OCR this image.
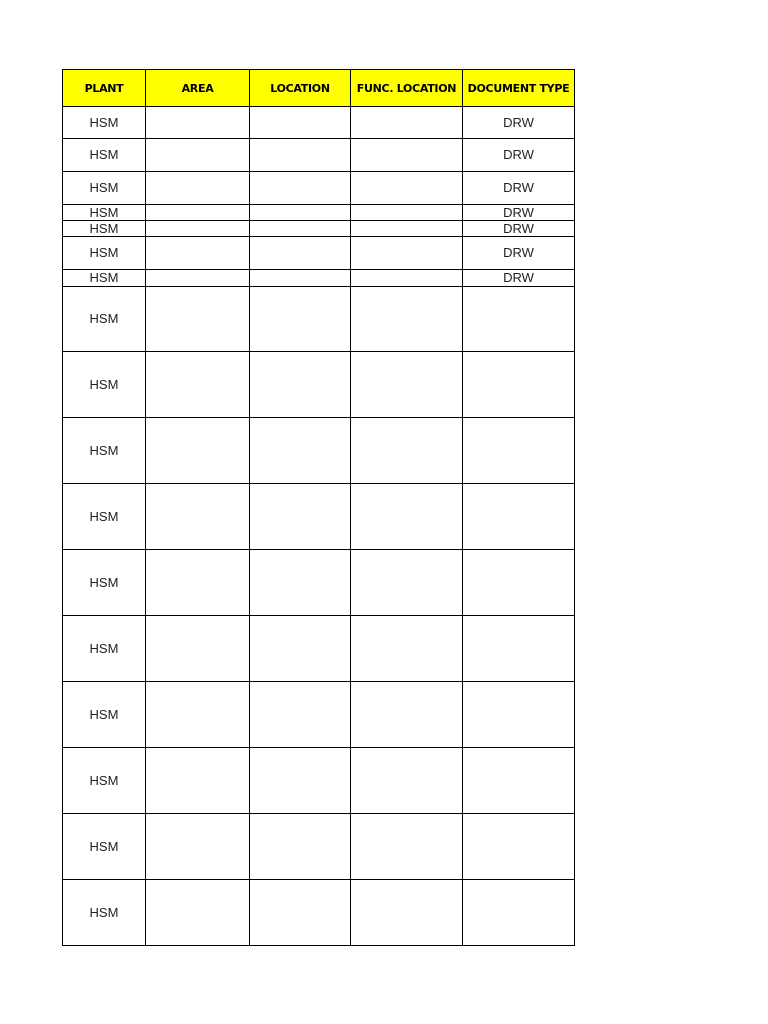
PLANT	AREA	LOCATION	FUNC. LOCATION	DOCUMENT TYPE
HSM				DRW
HSM				DRW
HSM				DRW
HSM				DRW
HSM				DRW
HSM				DRW
HSM				DRW
HSM				
HSM				
HSM				
HSM				
HSM				
HSM				
HSM				
HSM				
HSM				
HSM				
